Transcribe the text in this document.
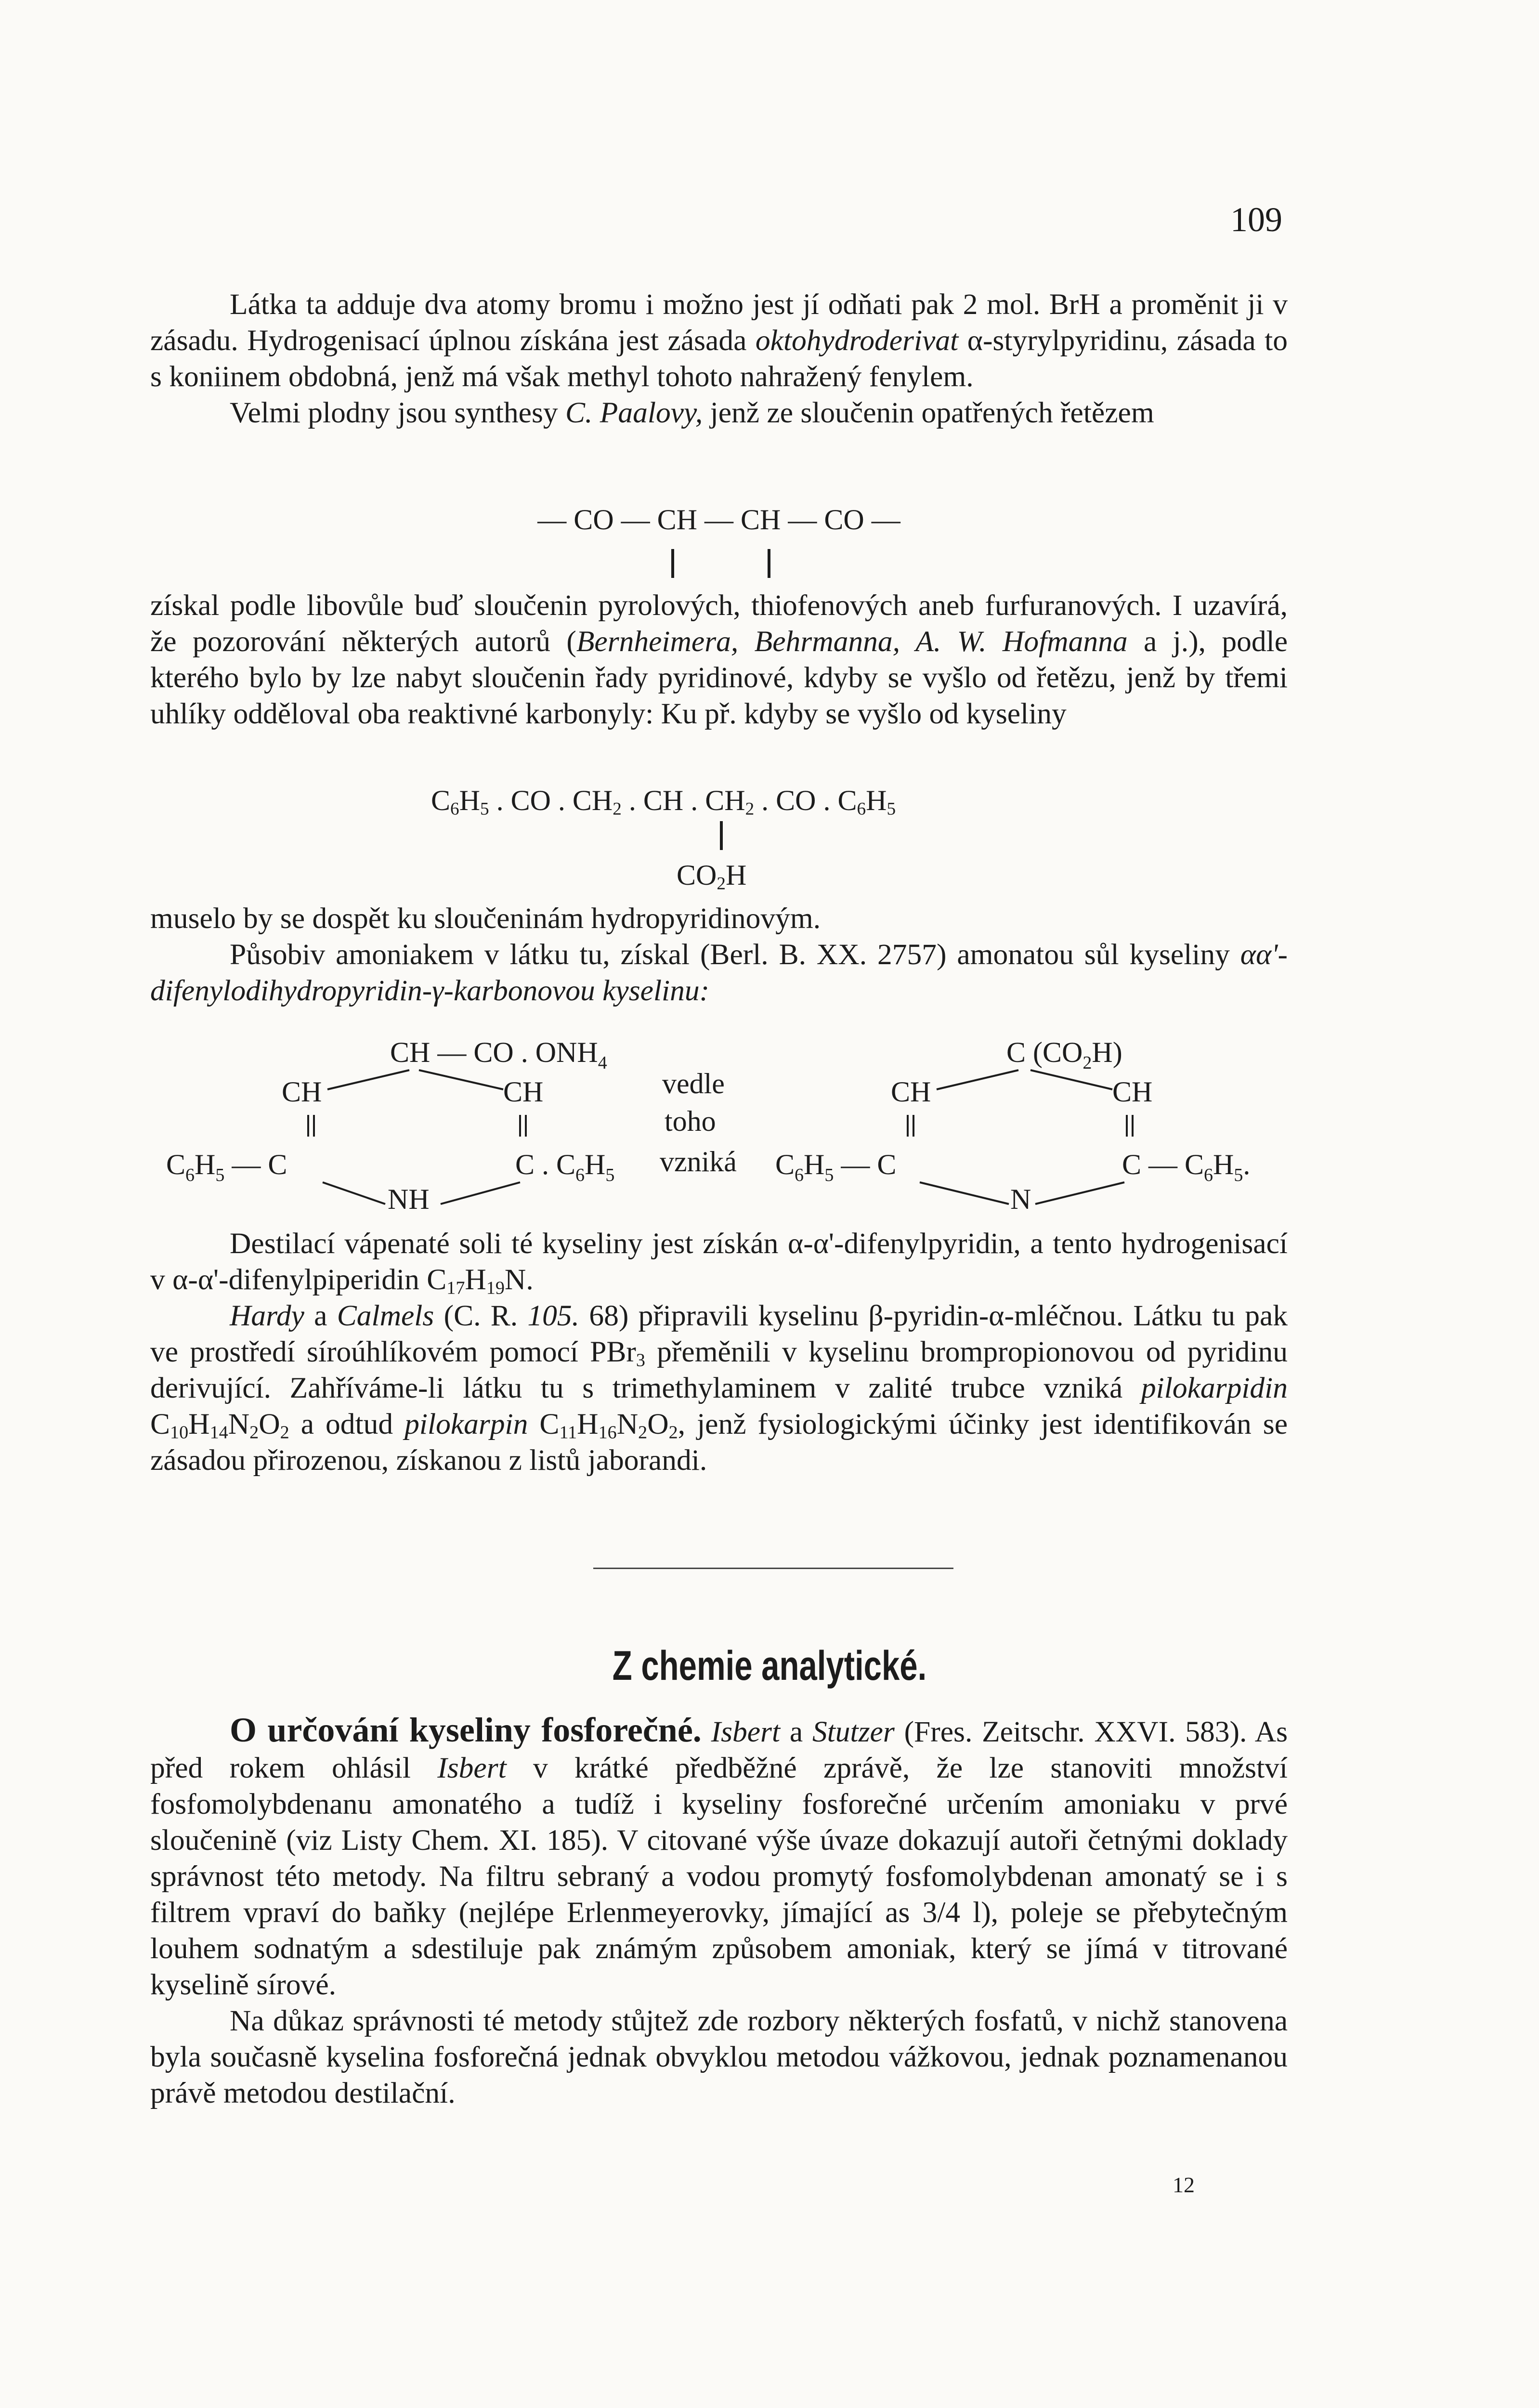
109

Látka ta adduje dva atomy bromu i možno jest jí odňati pak 2 mol. BrH a proměnit ji v zásadu. Hydrogenisací úplnou získána jest zásada oktohydroderivat α-styrylpyridinu, zásada to s koniinem obdobná, jenž má však methyl tohoto nahražený fenylem.

Velmi plodny jsou synthesy C. Paalovy, jenž ze sloučenin opatřených řetězem

— CO — CH — CH — CO —

získal podle libovůle buď sloučenin pyrolových, thiofenových aneb furfuranových. I uzavírá, že pozorování některých autorů (Bernheimera, Behrmanna, A. W. Hofmanna a j.), podle kterého bylo by lze nabyt sloučenin řady pyridinové, kdyby se vyšlo od řetězu, jenž by třemi uhlíky odděloval oba reaktivné karbonyly: Ku př. kdyby se vyšlo od kyseliny

$C_6H_5$ . CO . $CH_2$ . CH . $CH_2$ . CO . $C_6H_5$
$CO_2H$

muselo by se dospět ku sloučeninám hydropyridinovým.

Působiv amoniakem v látku tu, získal (Berl. B. XX. 2757) amonatou sůl kyseliny αα'-difenylodihydropyridin-γ-karbonovou kyselinu:

CH — CO . $ONH_4$
CH	CH
$C_6H_5$ — C	C . $C_6H_5$
NH
vedle
toho
vzniká
C $(CO_2H)$
CH	CH
$C_6H_5$ — C	C — $C_6H_5$.
N

Destilací vápenaté soli té kyseliny jest získán α-α'-difenylpyridin, a tento hydrogenisací v α-α'-difenylpiperidin $C_{17}H_{19}N$.

Hardy a Calmels (C. R. 105. 68) připravili kyselinu β-pyridin-α-mléčnou. Látku tu pak ve prostředí síroúhlíkovém pomocí PBr$_3$ přeměnili v kyselinu brompropionovou od pyridinu derivující. Zahříváme-li látku tu s trimethylaminem v zalité trubce vzniká pilokarpidin $C_{10}H_{14}N_2O_2$ a odtud pilokarpin $C_{11}H_{16}N_2O_2$, jenž fysiologickými účinky jest identifikován se zásadou přirozenou, získanou z listů jaborandi.

Z chemie analytické.

O určování kyseliny fosforečné. Isbert a Stutzer (Fres. Zeitschr. XXVI. 583). As před rokem ohlásil Isbert v krátké předběžné zprávě, že lze stanoviti množství fosfomolybdenanu amonatého a tudíž i kyseliny fosforečné určením amoniaku v prvé sloučenině (viz Listy Chem. XI. 185). V citované výše úvaze dokazují autoři četnými doklady správnost této metody. Na filtru sebraný a vodou promytý fosfomolybdenan amonatý se i s filtrem vpraví do baňky (nejlépe Erlenmeyerovky, jímající as 3/4 l), poleje se přebytečným louhem sodnatým a sdestiluje pak známým způsobem amoniak, který se jímá v titrované kyselině sírové.

Na důkaz správnosti té metody stůjtež zde rozbory některých fosfatů, v nichž stanovena byla současně kyselina fosforečná jednak obvyklou metodou vážkovou, jednak poznamenanou právě metodou destilační.

12
